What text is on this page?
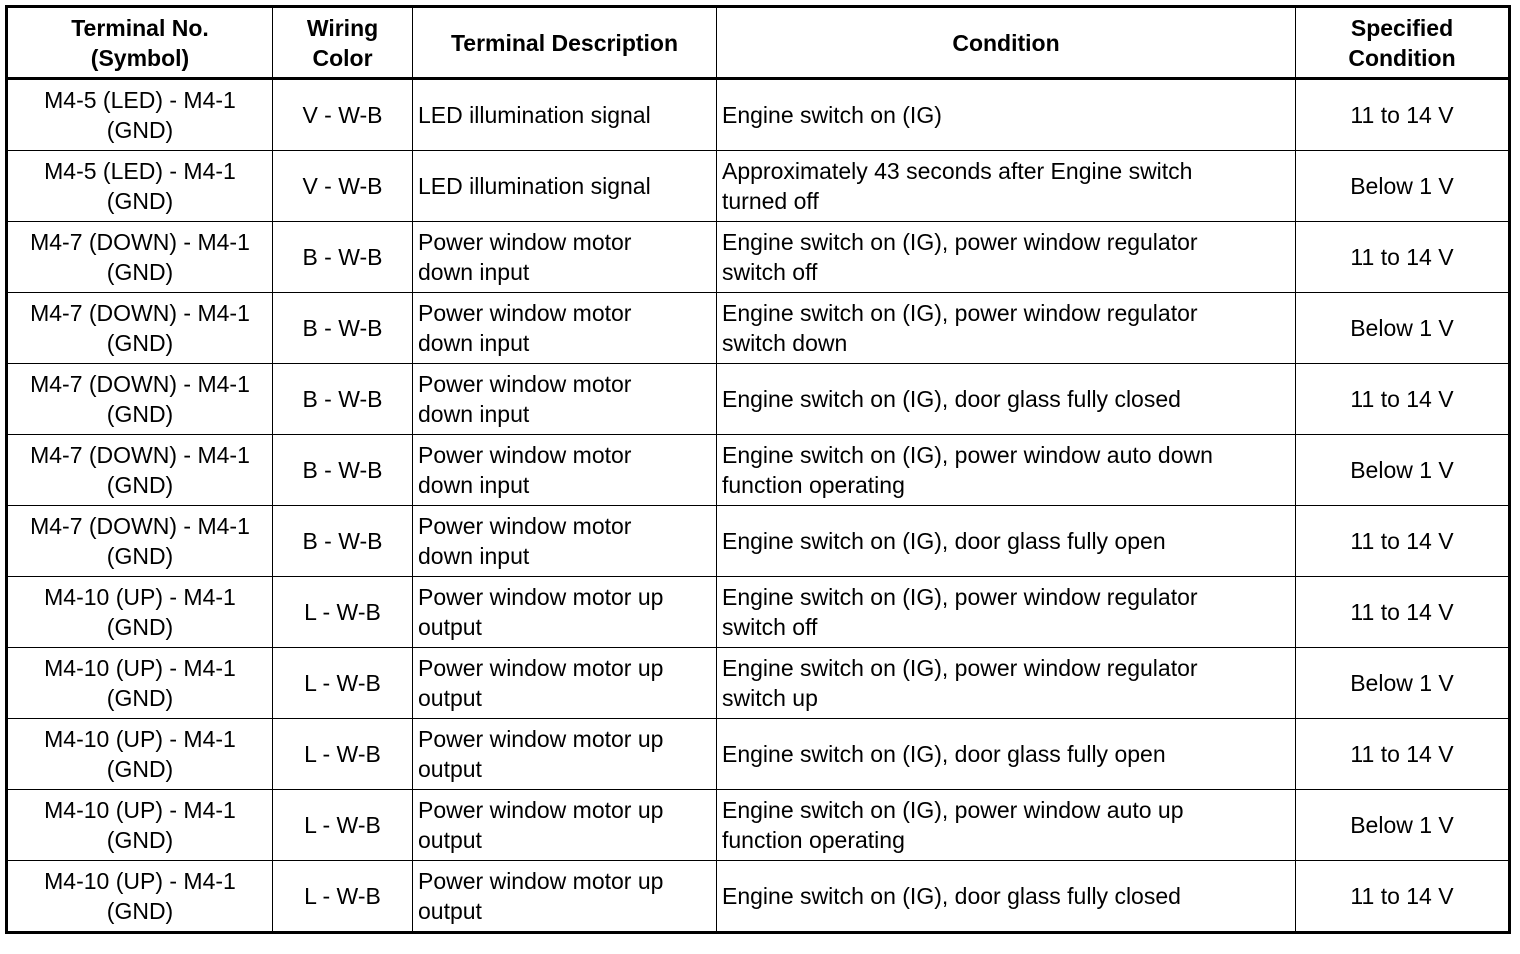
Terminal No.
(Symbol)	Wiring
Color	Terminal Description	Condition	Specified
Condition

M4-5 (LED) - M4-1
(GND)	V - W-B	LED illumination signal	Engine switch on (IG)	11 to 14 V

M4-5 (LED) - M4-1
(GND)	V - W-B	LED illumination signal	Approximately 43 seconds after Engine switch
turned off	Below 1 V

M4-7 (DOWN) - M4-1
(GND)	B - W-B	Power window motor
down input	Engine switch on (IG), power window regulator
switch off	11 to 14 V

M4-7 (DOWN) - M4-1
(GND)	B - W-B	Power window motor
down input	Engine switch on (IG), power window regulator
switch down	Below 1 V

M4-7 (DOWN) - M4-1
(GND)	B - W-B	Power window motor
down input	Engine switch on (IG), door glass fully closed	11 to 14 V

M4-7 (DOWN) - M4-1
(GND)	B - W-B	Power window motor
down input	Engine switch on (IG), power window auto down
function operating	Below 1 V

M4-7 (DOWN) - M4-1
(GND)	B - W-B	Power window motor
down input	Engine switch on (IG), door glass fully open	11 to 14 V

M4-10 (UP) - M4-1
(GND)	L - W-B	Power window motor up
output	Engine switch on (IG), power window regulator
switch off	11 to 14 V

M4-10 (UP) - M4-1
(GND)	L - W-B	Power window motor up
output	Engine switch on (IG), power window regulator
switch up	Below 1 V

M4-10 (UP) - M4-1
(GND)	L - W-B	Power window motor up
output	Engine switch on (IG), door glass fully open	11 to 14 V

M4-10 (UP) - M4-1
(GND)	L - W-B	Power window motor up
output	Engine switch on (IG), power window auto up
function operating	Below 1 V

M4-10 (UP) - M4-1
(GND)	L - W-B	Power window motor up
output	Engine switch on (IG), door glass fully closed	11 to 14 V
